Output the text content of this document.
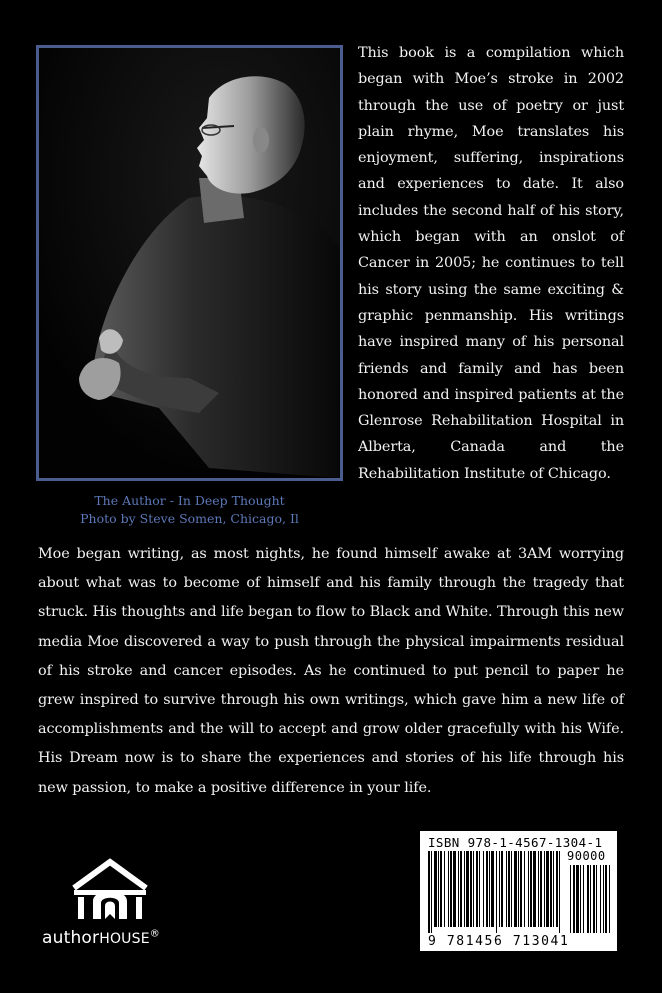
The Author - In Deep Thought
Photo by Steve Somen, Chicago, Il
This book is a compilation which began with Moe’s stroke in 2002 through the use of poetry or just plain rhyme, Moe translates his enjoyment, suffering, inspirations and experiences to date. It also includes the second half of his story, which began with an onslot of Cancer in 2005; he continues to tell his story using the same exciting & graphic penmanship. His writings have inspired many of his personal friends and family and has been honored and inspired patients at the Glenrose Rehabilitation Hospital in Alberta, Canada and the Rehabilitation Institute of Chicago.
Moe began writing, as most nights, he found himself awake at 3AM worrying about what was to become of himself and his family through the tragedy that struck. His thoughts and life began to flow to Black and White. Through this new media Moe discovered a way to push through the physical impairments residual of his stroke and cancer episodes. As he continued to put pencil to paper he grew inspired to survive through his own writings, which gave him a new life of accomplishments and the will to accept and grow older gracefully with his Wife. His Dream now is to share the experiences and stories of his life through his new passion, to make a positive difference in your life.
authorHOUSE®
ISBN 978-1-4567-1304-1
90000
9 781456 713041
